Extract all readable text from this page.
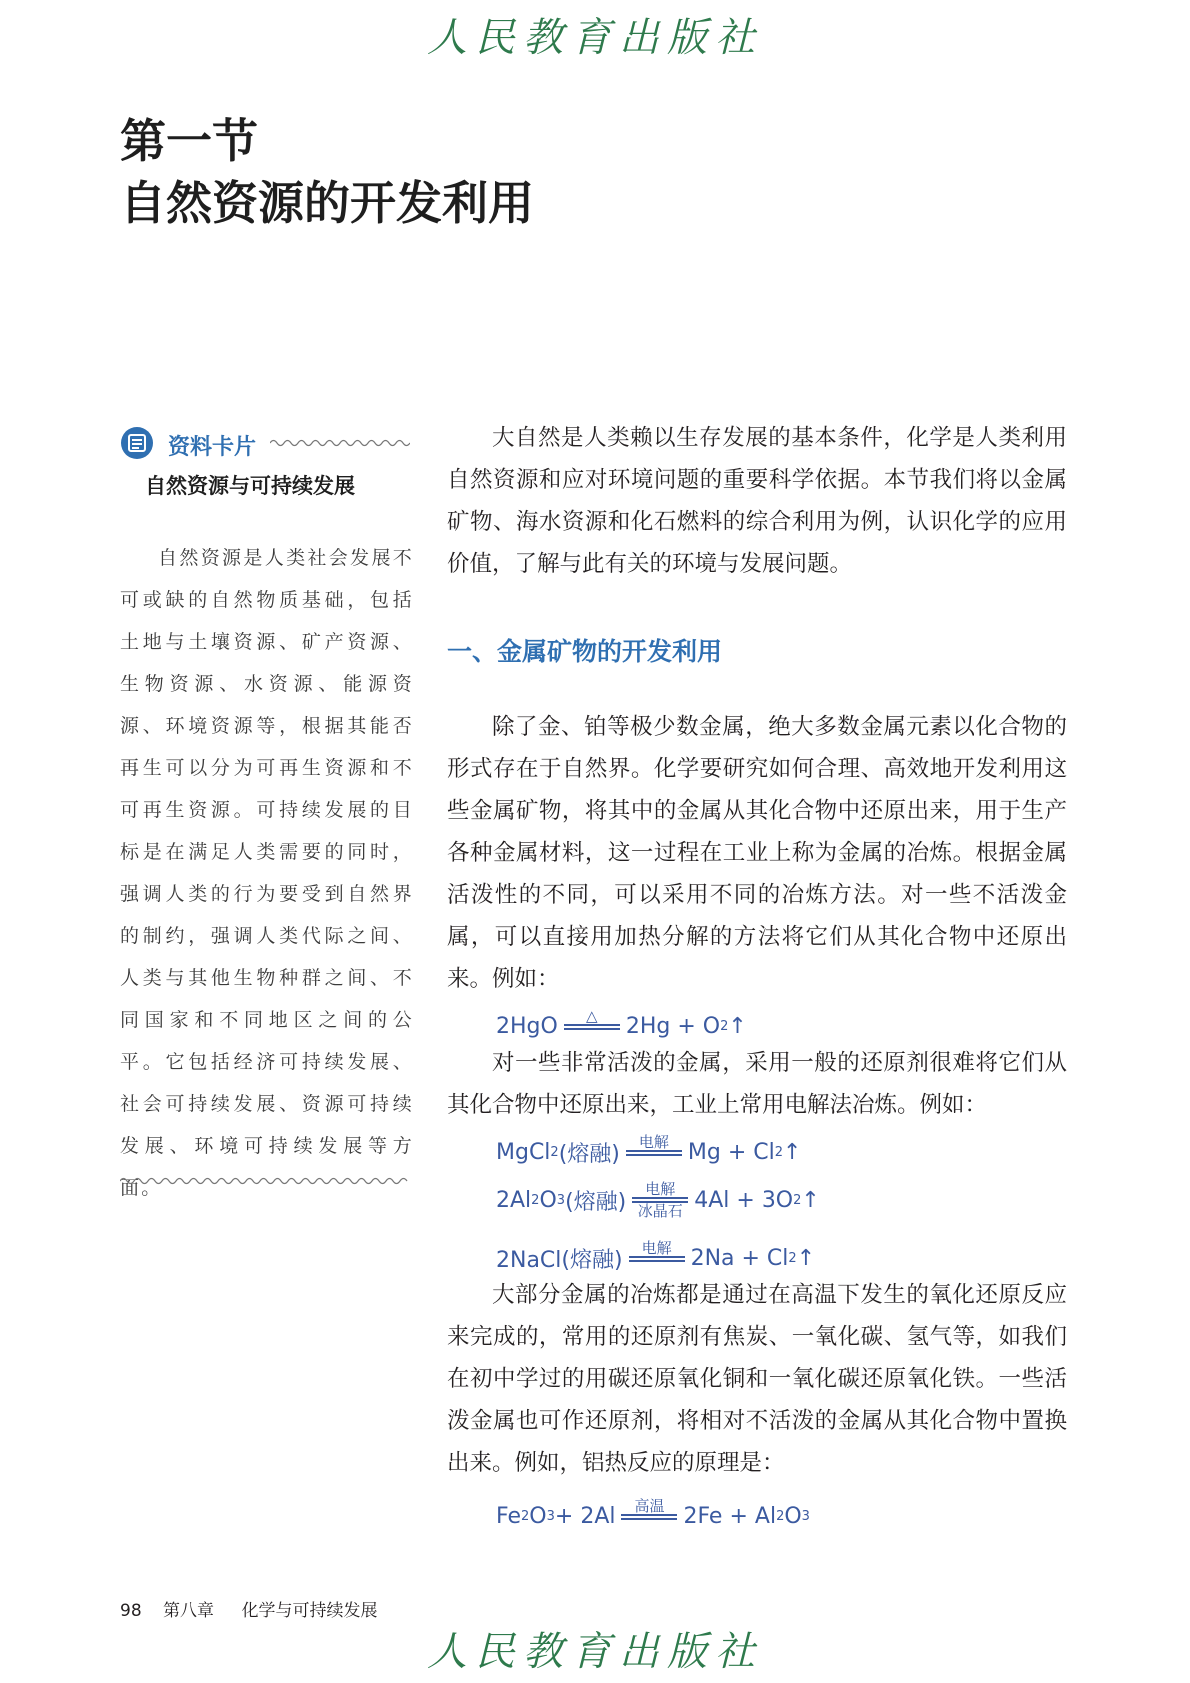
人民教育出版社
第一节
自然资源的开发利用
资料卡片
自然资源与可持续发展

自然资源是人类社会发展不可或缺的自然物质基础，包括土地与土壤资源、矿产资源、生物资源、水资源、能源资源、环境资源等，根据其能否再生可以分为可再生资源和不可再生资源。可持续发展的目标是在满足人类需要的同时，强调人类的行为要受到自然界的制约，强调人类代际之间、人类与其他生物种群之间、不同国家和不同地区之间的公平。它包括经济可持续发展、社会可持续发展、资源可持续发展、环境可持续发展等方面。

大自然是人类赖以生存发展的基本条件，化学是人类利用自然资源和应对环境问题的重要科学依据。本节我们将以金属矿物、海水资源和化石燃料的综合利用为例，认识化学的应用价值，了解与此有关的环境与发展问题。

一、金属矿物的开发利用

除了金、铂等极少数金属，绝大多数金属元素以化合物的形式存在于自然界。化学要研究如何合理、高效地开发利用这些金属矿物，将其中的金属从其化合物中还原出来，用于生产各种金属材料，这一过程在工业上称为金属的冶炼。根据金属活泼性的不同，可以采用不同的冶炼方法。对一些不活泼金属，可以直接用加热分解的方法将它们从其化合物中还原出来。例如：

2HgO △ 2Hg + O 2 ↑

对一些非常活泼的金属，采用一般的还原剂很难将它们从其化合物中还原出来，工业上常用电解法冶炼。例如：

MgCl 2 (熔融) 电解 Mg + Cl 2 ↑
2Al 2 O 3 (熔融)
电解
冰晶石 4Al + 3O 2 ↑
2NaCl(熔融) 电解 2Na + Cl 2 ↑

大部分金属的冶炼都是通过在高温下发生的氧化还原反应来完成的，常用的还原剂有焦炭、一氧化碳、氢气等，如我们在初中学过的用碳还原氧化铜和一氧化碳还原氧化铁。一些活泼金属也可作还原剂，将相对不活泼的金属从其化合物中置换出来。例如，铝热反应的原理是：

Fe 2 O 3 + 2Al 高温 2Fe + Al 2 O 3
98 第八章 化学与可持续发展
人民教育出版社
